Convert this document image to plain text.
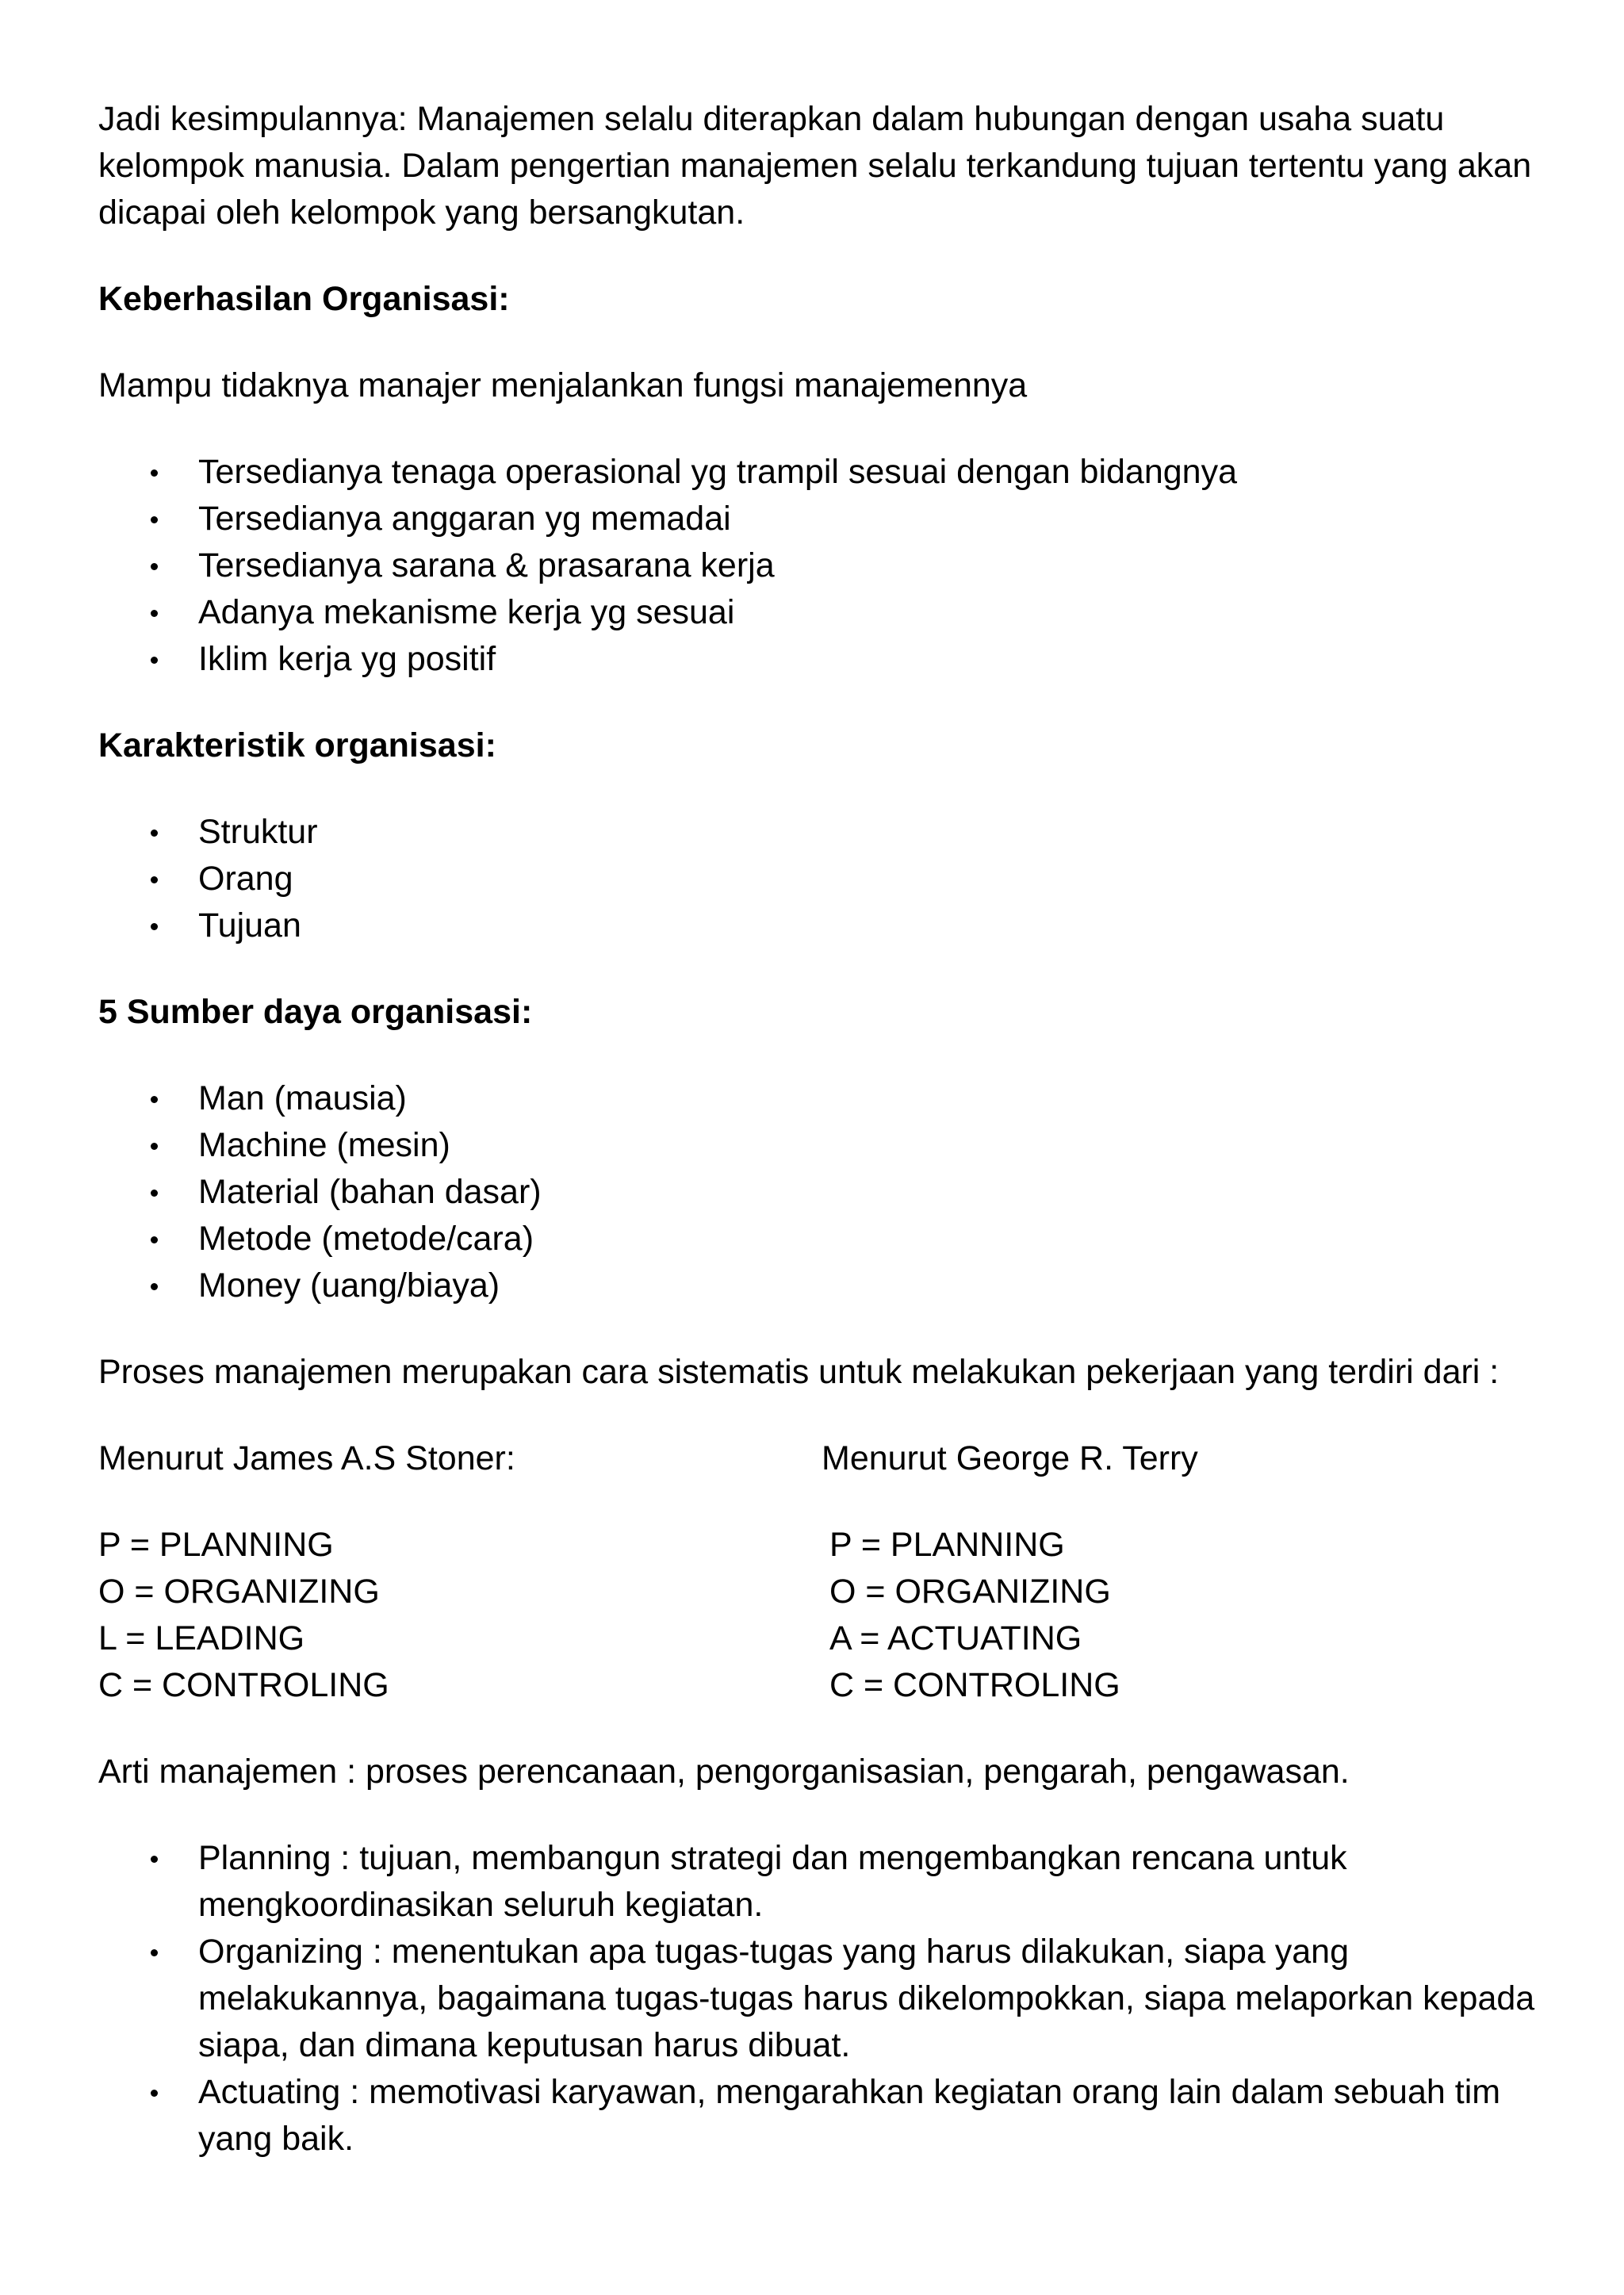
Jadi kesimpulannya: Manajemen selalu diterapkan dalam hubungan dengan usaha suatu kelompok manusia. Dalam pengertian manajemen selalu terkandung tujuan tertentu yang akan dicapai oleh kelompok yang bersangkutan.

Keberhasilan Organisasi:

Mampu tidaknya manajer menjalankan fungsi manajemennya

Tersedianya tenaga operasional yg trampil sesuai dengan bidangnya
Tersedianya anggaran yg memadai
Tersedianya sarana & prasarana kerja
Adanya mekanisme kerja yg sesuai
Iklim kerja yg positif

Karakteristik organisasi:

Struktur
Orang
Tujuan

5 Sumber daya organisasi:

Man (mausia)
Machine (mesin)
Material (bahan dasar)
Metode (metode/cara)
Money (uang/biaya)

Proses manajemen merupakan cara sistematis untuk melakukan pekerjaan yang terdiri dari :

Menurut James A.S Stoner:	Menurut George R. Terry
P = PLANNING
O = ORGANIZING
L = LEADING
C = CONTROLING
P = PLANNING
O = ORGANIZING
A = ACTUATING
C = CONTROLING

Arti manajemen : proses perencanaan, pengorganisasian, pengarah, pengawasan.

Planning : tujuan, membangun strategi dan mengembangkan rencana untuk mengkoordinasikan seluruh kegiatan.
Organizing : menentukan apa tugas-tugas yang harus dilakukan, siapa yang melakukannya, bagaimana tugas-tugas harus dikelompokkan, siapa melaporkan kepada siapa, dan dimana keputusan harus dibuat.
Actuating : memotivasi karyawan, mengarahkan kegiatan orang lain dalam sebuah tim yang baik.
